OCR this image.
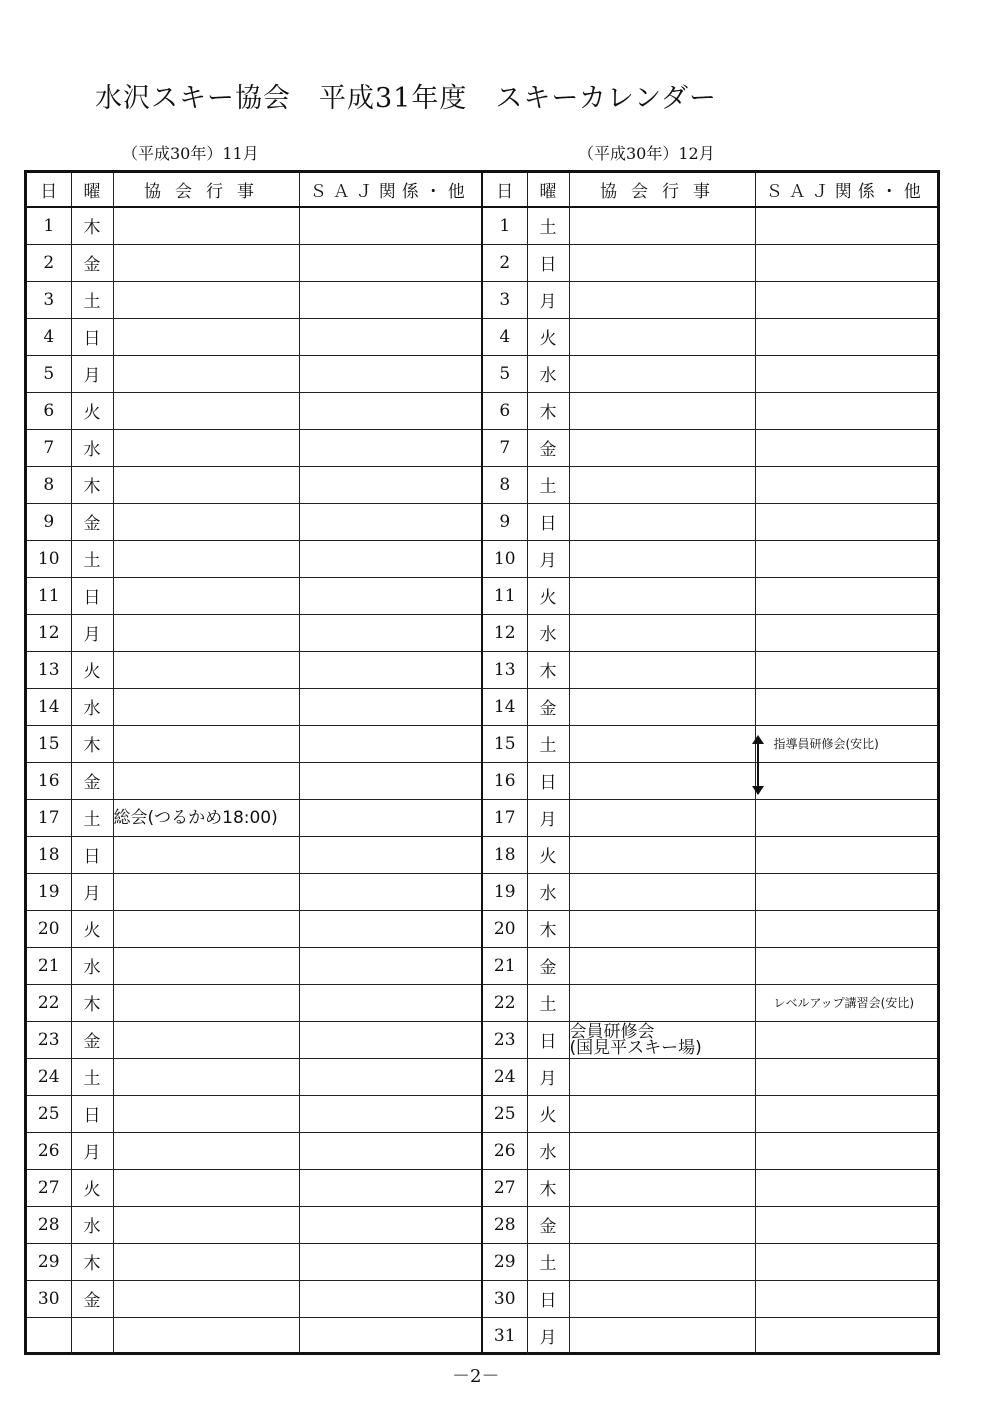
水沢スキー協会　平成31年度　スキーカレンダー
（平成30年）11月	（平成30年）12月
日	曜	協会行事	ＳＡＪ関係・他
1	木		
2	金		
3	土		
4	日		
5	月		
6	火		
7	水		
8	木		
9	金		
10	土		
11	日		
12	月		
13	火		
14	水		
15	木		
16	金		
17	土	総会(つるかめ18:00)	
18	日		
19	月		
20	火		
21	水		
22	木		
23	金		
24	土		
25	日		
26	月		
27	火		
28	水		
29	木		
30	金		

日	曜	協会行事	ＳＡＪ関係・他
1	土		
2	日		
3	月		
4	火		
5	水		
6	木		
7	金		
8	土		
9	日		
10	月		
11	火		
12	水		
13	木		
14	金		
15	土		指導員研修会(安比)
16	日		
17	月		
18	火		
19	水		
20	木		
21	金		
22	土		レベルアップ講習会(安比)
23	日	会員研修会
(国見平スキー場)	
24	月		
25	火		
26	水		
27	木		
28	金		
29	土		
30	日		
31	月		
－2－
